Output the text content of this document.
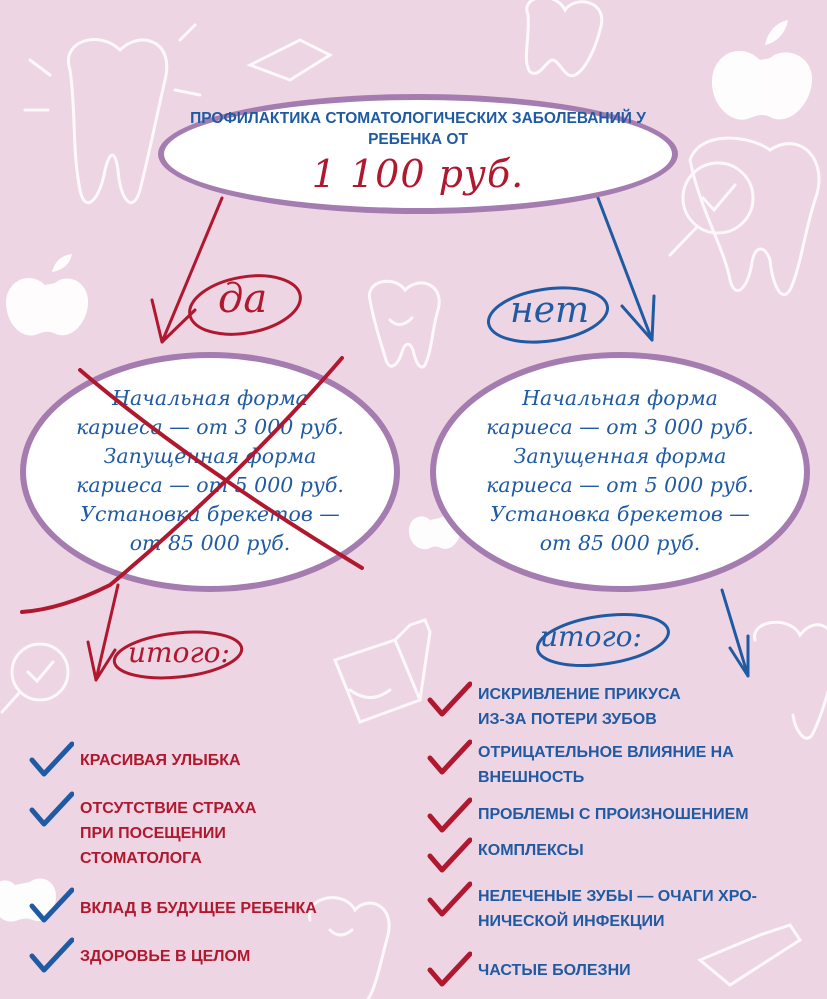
ПРОФИЛАКТИКА СТОМАТОЛОГИЧЕСКИХ ЗАБОЛЕВАНИЙ У РЕБЕНКА ОТ
1 100 руб.
да	нет
Начальная форма
кариеса — от 3 000 руб.
Запущенная форма
кариеса — от 5 000 руб.
Установка брекетов —
от 85 000 руб.
Начальная форма
кариеса — от 3 000 руб.
Запущенная форма
кариеса — от 5 000 руб.
Установка брекетов —
от 85 000 руб.
итого:	итого:
КРАСИВАЯ УЛЫБКА
ОТСУТСТВИЕ СТРАХА
ПРИ ПОСЕЩЕНИИ
СТОМАТОЛОГА
ВКЛАД В БУДУЩЕЕ РЕБЕНКА
ЗДОРОВЬЕ В ЦЕЛОМ
ИСКРИВЛЕНИЕ ПРИКУСА
ИЗ-ЗА ПОТЕРИ ЗУБОВ
ОТРИЦАТЕЛЬНОЕ ВЛИЯНИЕ НА
ВНЕШНОСТЬ
ПРОБЛЕМЫ С ПРОИЗНОШЕНИЕМ
КОМПЛЕКСЫ
НЕЛЕЧЕНЫЕ ЗУБЫ — ОЧАГИ ХРО-
НИЧЕСКОЙ ИНФЕКЦИИ
ЧАСТЫЕ БОЛЕЗНИ
